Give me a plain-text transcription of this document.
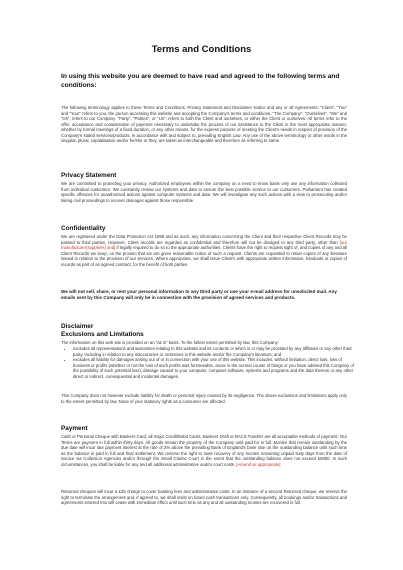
Terms and Conditions
In using this website you are deemed to have read and agreed to the following terms and conditions:
The following terminology applies to these Terms and Conditions, Privacy Statement and Disclaimer Notice and any or all Agreements: "Client", "You" and "Your" refers to you, the person accessing this website and accepting the Company's terms and conditions. "The Company", "Ourselves", "We" and "Us", refers to our Company. "Party", "Parties", or "Us", refers to both the Client and ourselves, or either the Client or ourselves. All terms refer to the offer, acceptance and consideration of payment necessary to undertake the process of our assistance to the Client in the most appropriate manner, whether by formal meetings of a fixed duration, or any other means, for the express purpose of meeting the Client's needs in respect of provision of the Company's stated services/products, in accordance with and subject to, prevailing English Law. Any use of the above terminology or other words in the singular, plural, capitalisation and/or he/she or they, are taken as interchangeable and therefore as referring to same.
Privacy Statement
We are committed to protecting your privacy. Authorized employees within the company on a need to know basis only use any information collected from individual customers. We constantly review our systems and data to ensure the best possible service to our customers. Parliament has created specific offences for unauthorised actions against computer systems and data. We will investigate any such actions with a view to prosecuting and/or taking civil proceedings to recover damages against those responsible
Confidentiality
We are registered under the Data Protection Act 1998 and as such, any information concerning the Client and their respective Client Records may be passed to third parties. However, Client records are regarded as confidential and therefore will not be divulged to any third party, other than [our manufacturer(suppliers) and] if legally required to do so to the appropriate authorities. Clients have the right to request sight of, and copies of any and all Client Records we keep, on the proviso that we are given reasonable notice of such a request. Clients are requested to retain copies of any literature issued in relation to the provision of our services. Where appropriate, we shall issue Client's with appropriate written information, handouts or copies of records as part of an agreed contract, for the benefit of both parties.
We will not sell, share, or rent your personal information to any third party or use your e-mail address for unsolicited mail. Any emails sent by this Company will only be in connection with the provision of agreed services and products.
Disclaimer
Exclusions and Limitations
The information on this web site is provided on an "as is" basis. To the fullest extent permitted by law, this Company:
• excludes all representations and warranties relating to this website and its contents or which is or may be provided by any affiliates or any other third party, including in relation to any inaccuracies or omissions in this website and/or the Company's literature; and
• excludes all liability for damages arising out of or in connection with your use of this website. This includes, without limitation, direct loss, loss of business or profits (whether or not the loss of such profits was foreseeable, arose in the normal course of things or you have advised this Company of the possibility of such potential loss), damage caused to your computer, computer software, systems and programs and the data thereon or any other direct or indirect, consequential and incidental damages.
This Company does not however exclude liability for death or personal injury caused by its negligence. The above exclusions and limitations apply only to the extent permitted by law. None of your statutory rights as a consumer are affected.
Payment
Cash or Personal Cheque with Bankers Card, all major Credit/Debit Cards, Bankers Draft or BACS Transfer are all acceptable methods of payment. Our Terms are payment in full within thirty days. All goods remain the property of the Company until paid for in full. Monies that remain outstanding by the due date will incur late payment interest at the rate of 2% above the prevailing Bank of England's base rate on the outstanding balance until such time as the balance is paid in full and final settlement. We reserve the right to seek recovery of any monies remaining unpaid sixty days from the date of invoice via Collection Agencies and/or through the Small Claims Court in the event that the outstanding balance does not exceed £5000. In such circumstances, you shall be liable for any and all additional administrative and/or court costs. [Amend as appropriate]
Returned cheques will incur a £25 charge to cover banking fees and administrative costs. In an instance of a second Returned cheque, we reserve the right to terminate the arrangement and, if agreed to, we shall insist on future cash transactions only. Consequently, all bookings and/or transactions and agreements entered into will cease with immediate effect until such time as any and all outstanding monies are recovered in full.
